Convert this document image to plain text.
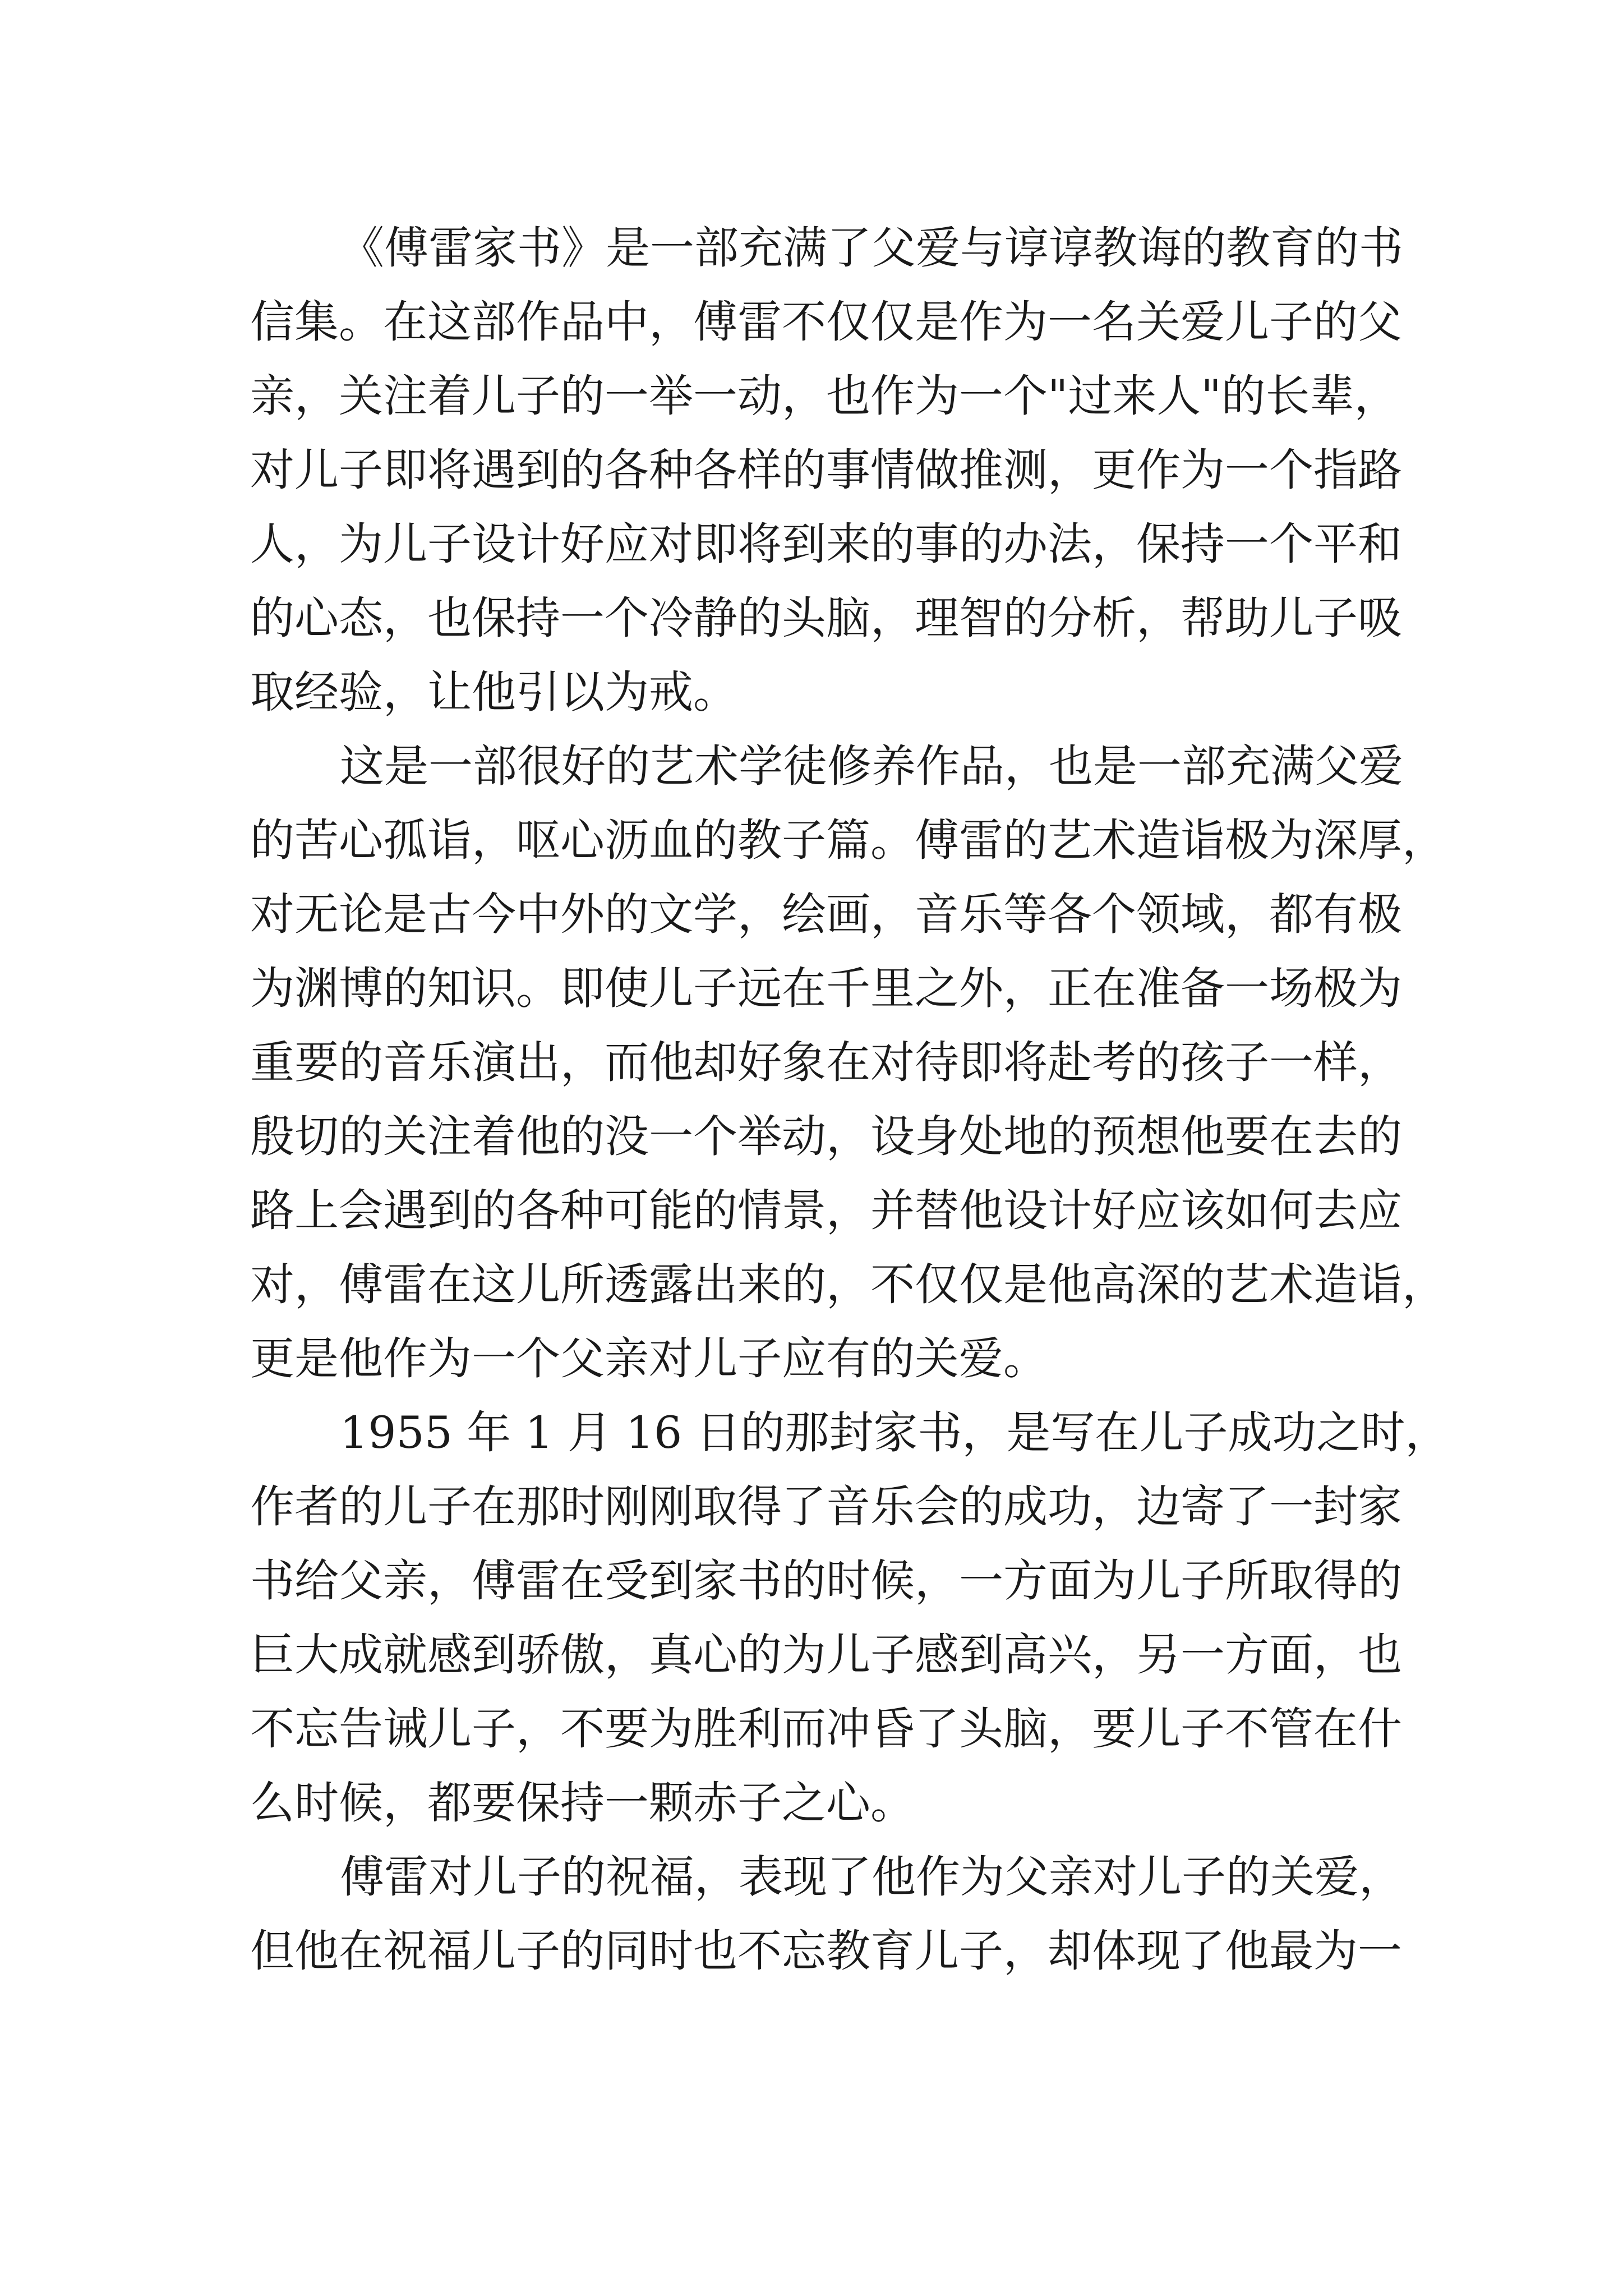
《傅雷家书》是一部充满了父爱与谆谆教诲的教育的书
信集。在这部作品中，傅雷不仅仅是作为一名关爱儿子的父
亲，关注着儿子的一举一动，也作为一个"过来人"的长辈，
对儿子即将遇到的各种各样的事情做推测，更作为一个指路
人，为儿子设计好应对即将到来的事的办法，保持一个平和
的心态，也保持一个冷静的头脑，理智的分析，帮助儿子吸
取经验，让他引以为戒。
这是一部很好的艺术学徒修养作品，也是一部充满父爱
的苦心孤诣，呕心沥血的教子篇。傅雷的艺术造诣极为深厚，
对无论是古今中外的文学，绘画，音乐等各个领域，都有极
为渊博的知识。即使儿子远在千里之外，正在准备一场极为
重要的音乐演出，而他却好象在对待即将赴考的孩子一样，
殷切的关注着他的没一个举动，设身处地的预想他要在去的
路上会遇到的各种可能的情景，并替他设计好应该如何去应
对，傅雷在这儿所透露出来的，不仅仅是他高深的艺术造诣，
更是他作为一个父亲对儿子应有的关爱。
1955 年 1 月 16 日的那封家书，是写在儿子成功之时，
作者的儿子在那时刚刚取得了音乐会的成功，边寄了一封家
书给父亲，傅雷在受到家书的时候，一方面为儿子所取得的
巨大成就感到骄傲，真心的为儿子感到高兴，另一方面，也
不忘告诫儿子，不要为胜利而冲昏了头脑，要儿子不管在什
么时候，都要保持一颗赤子之心。
傅雷对儿子的祝福，表现了他作为父亲对儿子的关爱，
但他在祝福儿子的同时也不忘教育儿子，却体现了他最为一
